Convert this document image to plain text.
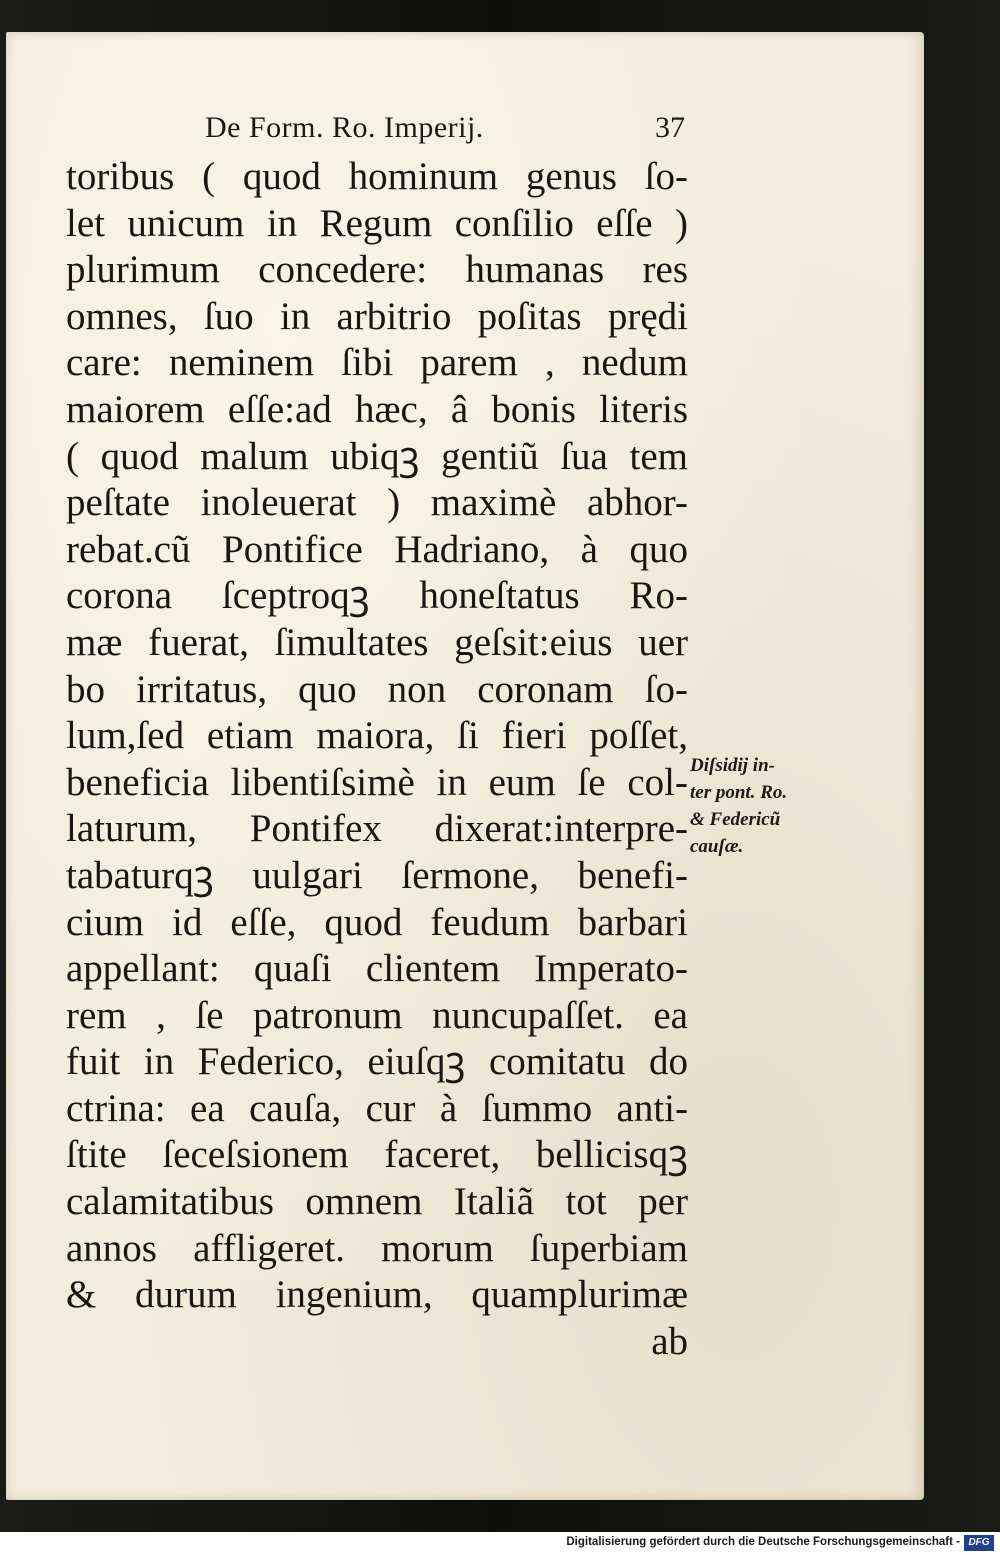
De Form. Ro. Imperij.	37
toribus ( quod hominum genus ſo-
let unicum in Regum conſilio eſſe )
plurimum concedere: humanas res
omnes, ſuo in arbitrio poſitas prędi
care: neminem ſibi parem , nedum
maiorem eſſe:ad hæc, â bonis literis
( quod malum ubiqꝫ gentiũ ſua tem
peſtate inoleuerat ) maximè abhor-
rebat.cũ Pontifice Hadriano, à quo
corona ſceptroqꝫ honeſtatus Ro-
mæ fuerat, ſimultates geſsit:eius uer
bo irritatus, quo non coronam ſo-
lum,ſed etiam maiora, ſi fieri poſſet,
beneficia libentiſsimè in eum ſe col-
laturum, Pontifex dixerat:interpre-
tabaturqꝫ uulgari ſermone, benefi-
cium id eſſe, quod feudum barbari
appellant: quaſi clientem Imperato-
rem , ſe patronum nuncupaſſet. ea
fuit in Federico, eiuſqꝫ comitatu do
ctrina: ea cauſa, cur à ſummo anti-
ſtite ſeceſsionem faceret, bellicisqꝫ
calamitatibus omnem Italiã tot per
annos affligeret. morum ſuperbiam
& durum ingenium, quamplurimæ
ab
Diſsidij in-
ter pont. Ro.
& Federicũ
cauſæ.
Digitalisierung gefördert durch die Deutsche Forschungsgemeinschaft - DFG
